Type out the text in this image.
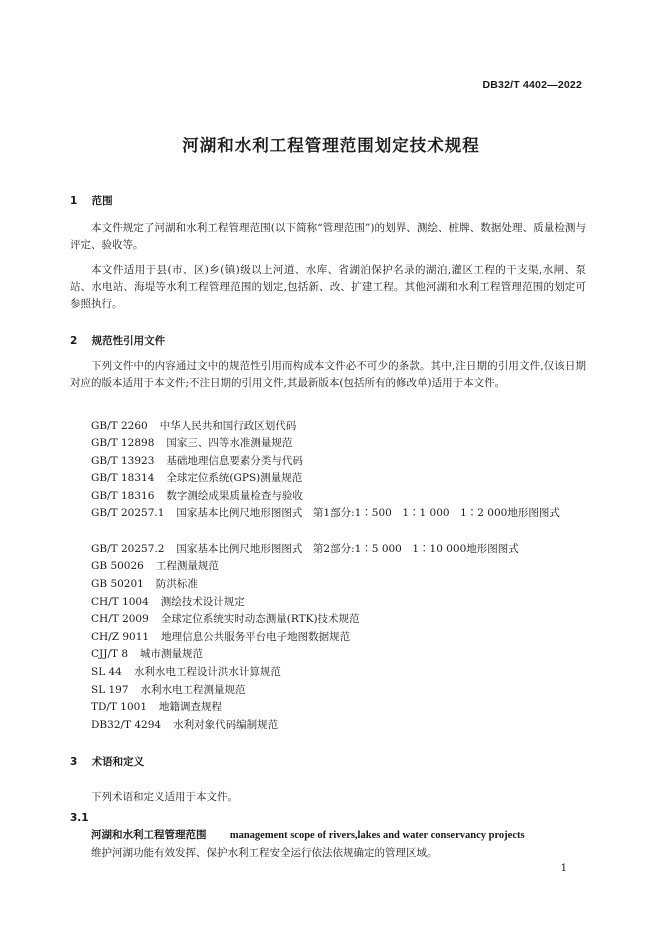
DB32/T 4402—2022
河湖和水利工程管理范围划定技术规程
1 范围
本文件规定了河湖和水利工程管理范围(以下简称“管理范围”)的划界、测绘、桩牌、数据处理、质量检测与评定、验收等。
本文件适用于县(市、区)乡(镇)级以上河道、水库、省湖泊保护名录的湖泊,灌区工程的干支渠,水闸、泵站、水电站、海堤等水利工程管理范围的划定,包括新、改、扩建工程。其他河湖和水利工程管理范围的划定可参照执行。
2 规范性引用文件
下列文件中的内容通过文中的规范性引用而构成本文件必不可少的条款。其中,注日期的引用文件,仅该日期对应的版本适用于本文件;不注日期的引用文件,其最新版本(包括所有的修改单)适用于本文件。
GB/T 2260 中华人民共和国行政区划代码
GB/T 12898 国家三、四等水准测量规范
GB/T 13923 基础地理信息要素分类与代码
GB/T 18314 全球定位系统(GPS)测量规范
GB/T 18316 数字测绘成果质量检查与验收
GB/T 20257.1 国家基本比例尺地形图图式　第1部分:1∶500　1∶1 000　1∶2 000地形图图式
GB/T 20257.2 国家基本比例尺地形图图式　第2部分:1∶5 000　1∶10 000地形图图式
GB 50026 工程测量规范
GB 50201 防洪标准
CH/T 1004 测绘技术设计规定
CH/T 2009 全球定位系统实时动态测量(RTK)技术规范
CH/Z 9011 地理信息公共服务平台电子地图数据规范
CJJ/T 8 城市测量规范
SL 44 水利水电工程设计洪水计算规范
SL 197 水利水电工程测量规范
TD/T 1001 地籍调查规程
DB32/T 4294 水利对象代码编制规范
3 术语和定义
下列术语和定义适用于本文件。
3.1
河湖和水利工程管理范围 management scope of rivers,lakes and water conservancy projects
维护河湖功能有效发挥、保护水利工程安全运行依法依规确定的管理区域。
1
